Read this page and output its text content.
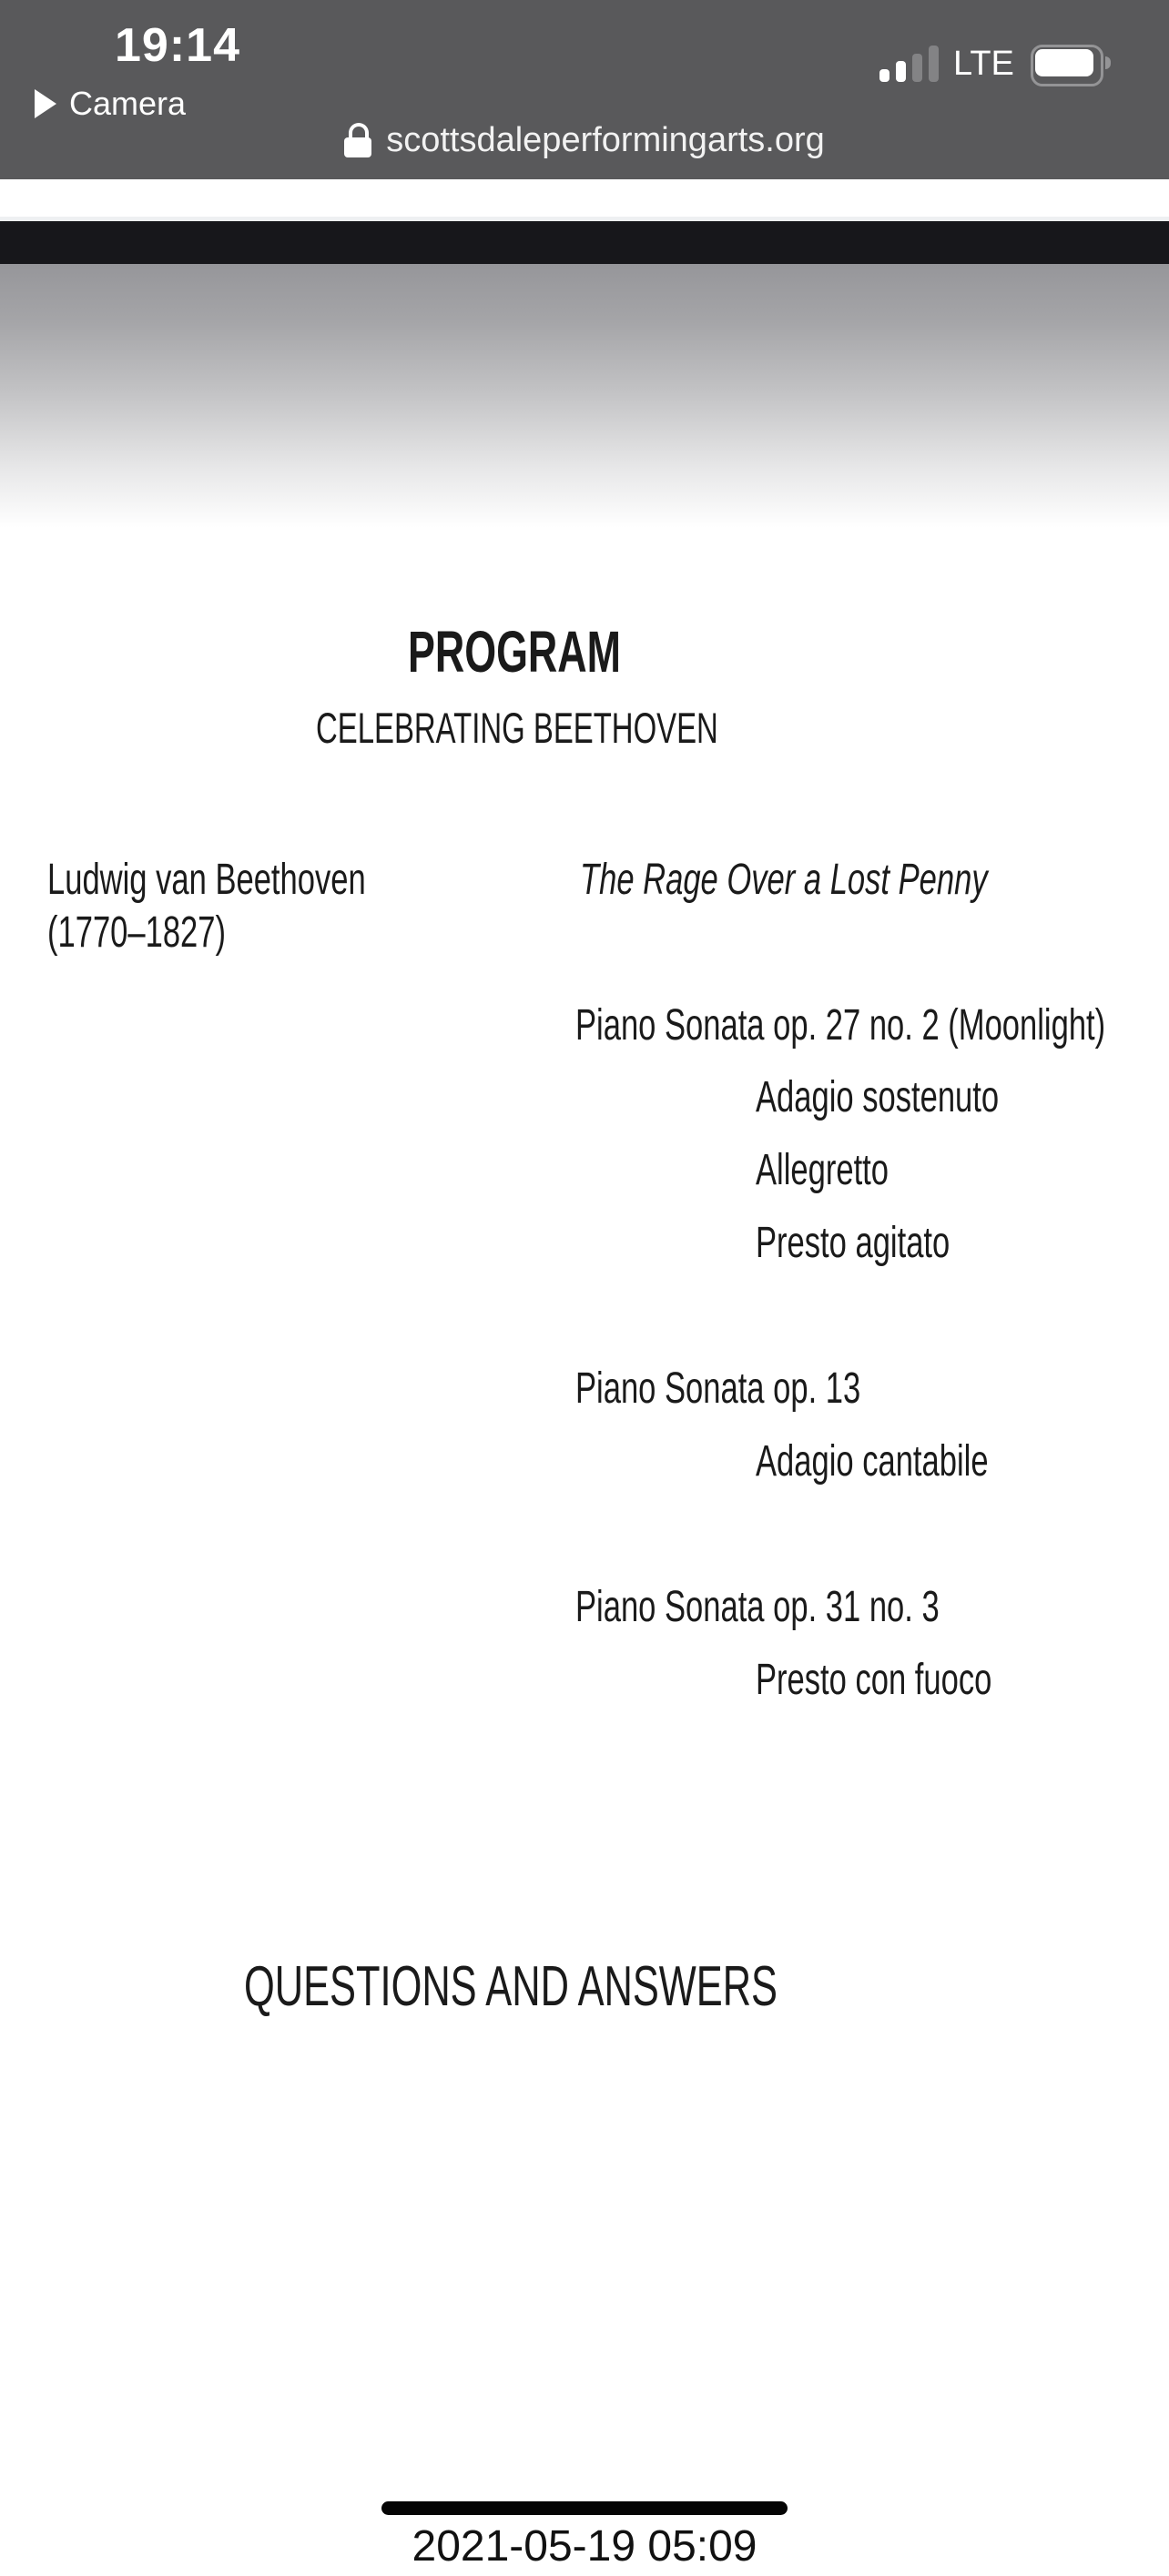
19:14
Camera
LTE
scottsdaleperformingarts.org
PROGRAM
CELEBRATING BEETHOVEN
Ludwig van Beethoven
(1770–1827)
The Rage Over a Lost Penny
Piano Sonata op. 27 no. 2 (Moonlight)
Adagio sostenuto
Allegretto
Presto agitato
Piano Sonata op. 13
Adagio cantabile
Piano Sonata op. 31 no. 3
Presto con fuoco
QUESTIONS AND ANSWERS
2021-05-19 05:09
